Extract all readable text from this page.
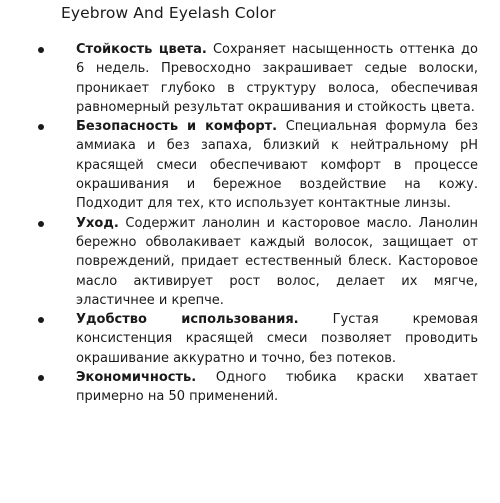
Eyebrow And Eyelash Color
Стойкость цвета. Сохраняет насыщенность оттенка до 6 недель. Превосходно закрашивает седые волоски, проникает глубоко в структуру волоса, обеспечивая равномерный результат окрашивания и стойкость цвета.
Безопасность и комфорт. Специальная формула без аммиака и без запаха, близкий к нейтральному pH красящей смеси обеспечивают комфорт в процессе окрашивания и бережное воздействие на кожу. Подходит для тех, кто использует контактные линзы.
Уход. Содержит ланолин и касторовое масло. Ланолин бережно обволакивает каждый волосок, защищает от повреждений, придает естественный блеск. Касторовое масло активирует рост волос, делает их мягче, эластичнее и крепче.
Удобство использования.	Густая кремовая консистенция красящей смеси позволяет проводить окрашивание аккуратно и точно, без потеков.
Экономичность. Одного тюбика краски хватает примерно на 50 применений.
